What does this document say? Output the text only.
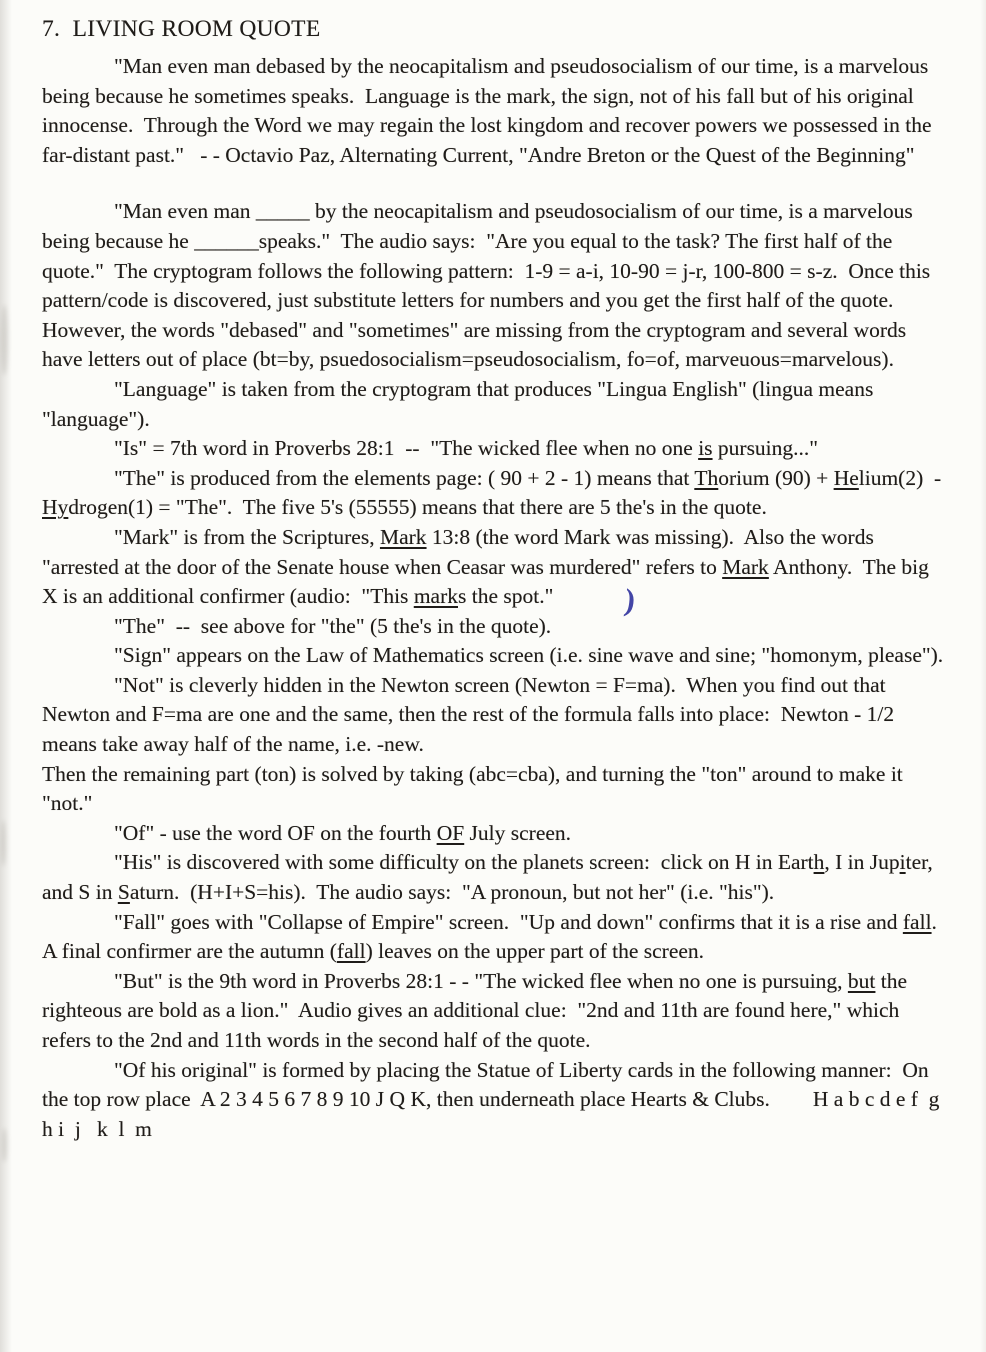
7.  LIVING ROOM QUOTE

"Man even man debased by the neocapitalism and pseudosocialism of our time, is a marvelous being because he sometimes speaks.  Language is the mark, the sign, not of his fall but of his original innocense.  Through the Word we may regain the lost kingdom and recover powers we possessed in the far-distant past."   - - Octavio Paz, Alternating Current, "Andre Breton or the Quest of the Beginning"

"Man even man _____ by the neocapitalism and pseudosocialism of our time, is a marvelous being because he ______speaks."  The audio says:  "Are you equal to the task? The first half of the quote."  The cryptogram follows the following pattern:  1-9 = a-i, 10-90 = j-r, 100-800 = s-z.  Once this pattern/code is discovered, just substitute letters for numbers and you get the first half of the quote.  However, the words "debased" and "sometimes" are missing from the cryptogram and several words have letters out of place (bt=by, psuedosocialism=pseudosocialism, fo=of, marveuous=marvelous).

"Language" is taken from the cryptogram that produces "Lingua English" (lingua means "language").

"Is" = 7th word in Proverbs 28:1  --  "The wicked flee when no one is pursuing..."

"The" is produced from the elements page: ( 90 + 2 - 1) means that Thorium (90) + Helium(2)  - Hydrogen(1) = "The".  The five 5's (55555) means that there are 5 the's in the quote.

"Mark" is from the Scriptures, Mark 13:8 (the word Mark was missing).  Also the words "arrested at the door of the Senate house when Ceasar was murdered" refers to Mark Anthony.  The big X is an additional confirmer (audio:  "This marks the spot." )

"The"  --  see above for "the" (5 the's in the quote).

"Sign" appears on the Law of Mathematics screen (i.e. sine wave and sine; "homonym, please").

"Not" is cleverly hidden in the Newton screen (Newton = F=ma).  When you find out that Newton and F=ma are one and the same, then the rest of the formula falls into place:  Newton - 1/2 means take away half of the name, i.e. -new.

Then the remaining part (ton) is solved by taking (abc=cba), and turning the "ton" around to make it "not."

"Of" - use the word OF on the fourth OF July screen.

"His" is discovered with some difficulty on the planets screen:  click on H in Earth, I in Jupiter, and S in Saturn.  (H+I+S=his).  The audio says:  "A pronoun, but not her" (i.e. "his").

"Fall" goes with "Collapse of Empire" screen.  "Up and down" confirms that it is a rise and fall.  A final confirmer are the autumn (fall) leaves on the upper part of the screen.

"But" is the 9th word in Proverbs 28:1 - - "The wicked flee when no one is pursuing, but the righteous are bold as a lion."  Audio gives an additional clue:  "2nd and 11th are found here," which refers to the 2nd and 11th words in the second half of the quote.

"Of his original" is formed by placing the Statue of Liberty cards in the following manner:  On the top row place  A 2 3 4 5 6 7 8 9 10 J Q K, then underneath place Hearts & Clubs.        H a b c d e f  g h i  j   k  l  m
